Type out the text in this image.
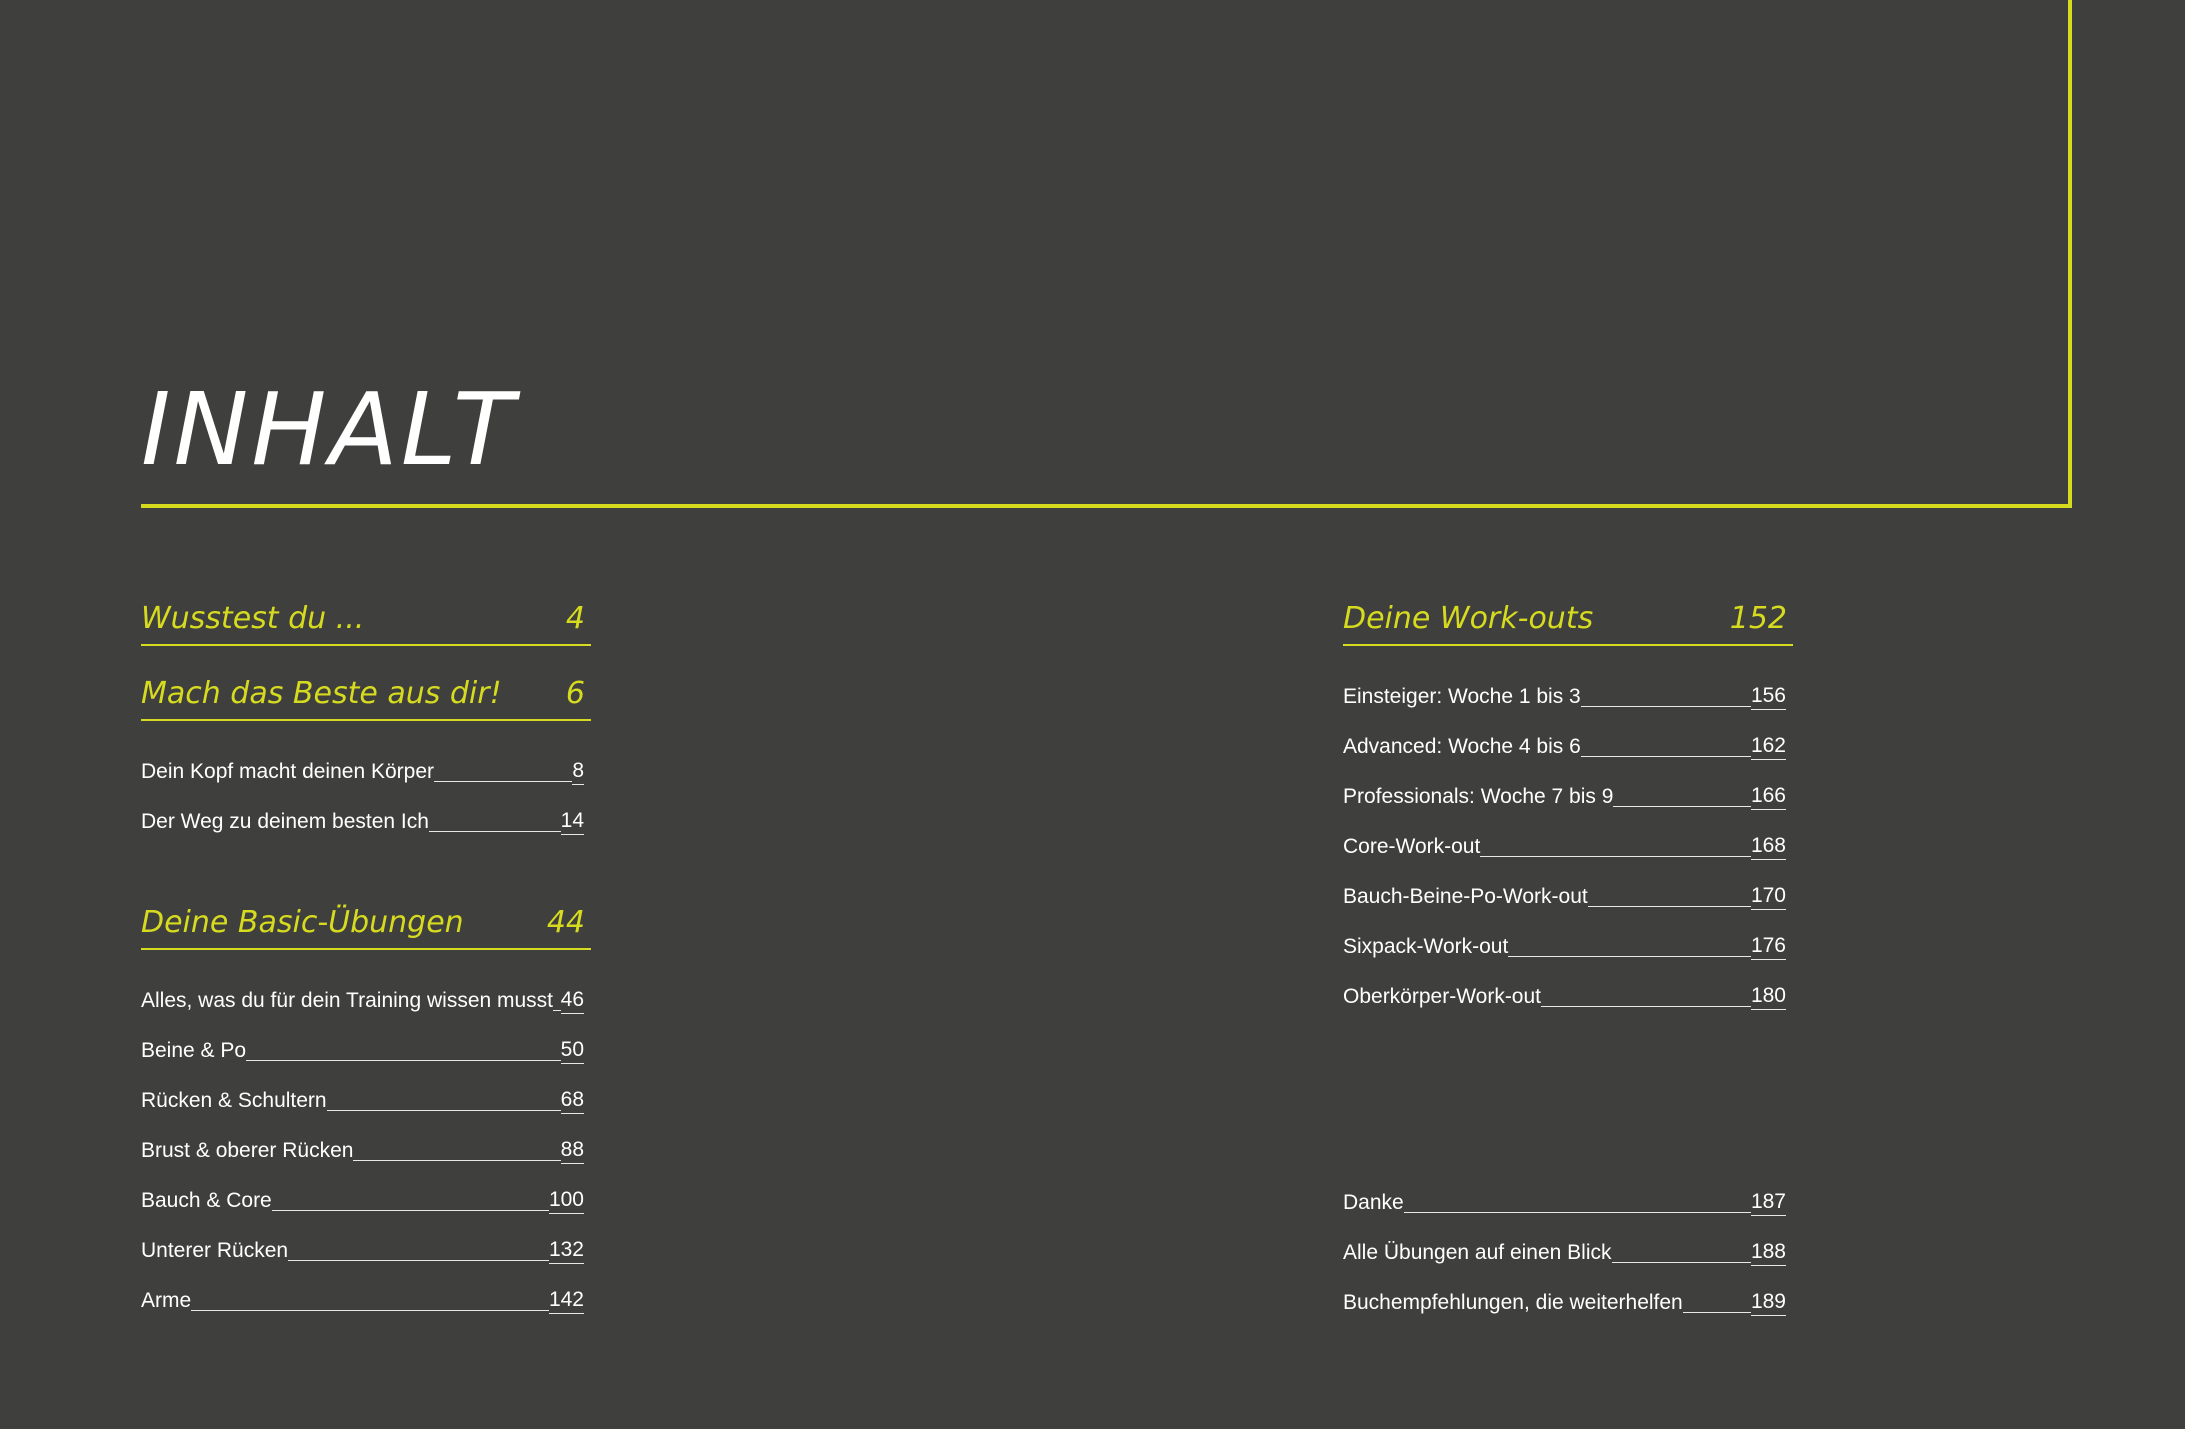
INHALT
Wusstest du ...	4
Mach das Beste aus dir! 6
Dein Kopf macht deinen Körper	8
Der Weg zu deinem besten Ich	14
Deine Basic-Übungen	44
Alles, was du für dein Training wissen musst 46
Beine & Po	50
Rücken & Schultern	68
Brust & oberer Rücken	88
Bauch & Core	100
Unterer Rücken	132
Arme	142
Deine Work-outs	152
Einsteiger: Woche 1 bis 3	156
Advanced: Woche 4 bis 6	162
Professionals: Woche 7 bis 9	166
Core-Work-out	168
Bauch-Beine-Po-Work-out	170
Sixpack-Work-out	176
Oberkörper-Work-out	180
Danke	187
Alle Übungen auf einen Blick	188
Buchempfehlungen, die weiterhelfen	189
